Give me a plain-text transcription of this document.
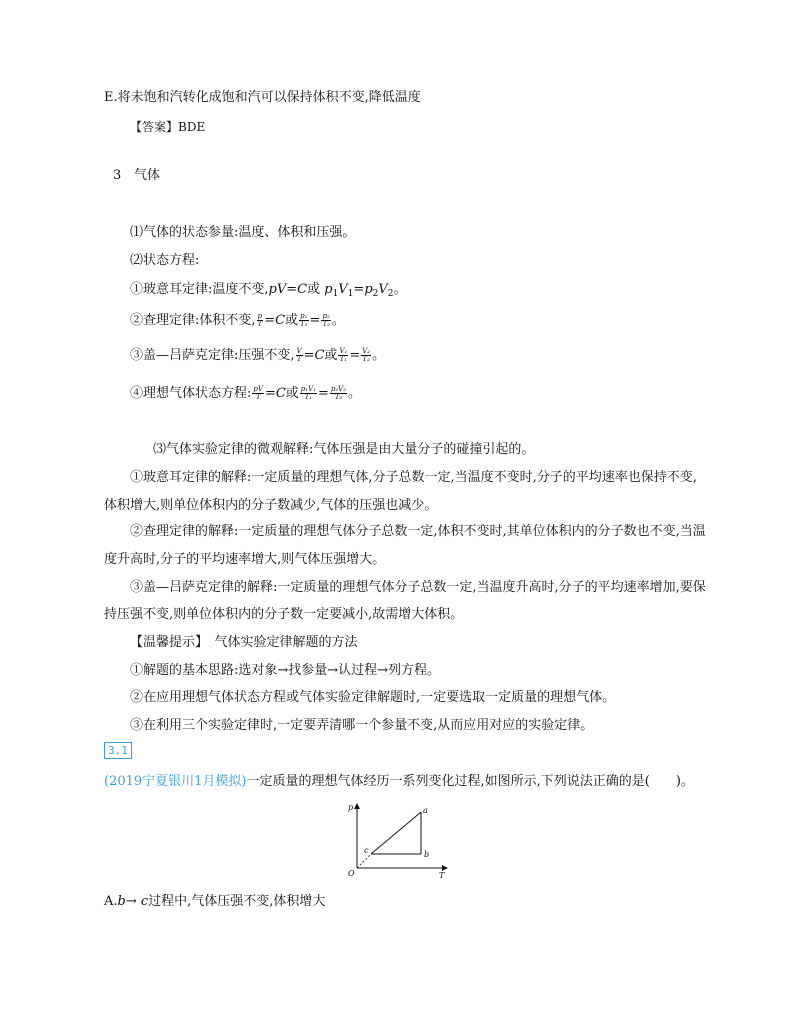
E.将未饱和汽转化成饱和汽可以保持体积不变,降低温度
【答案】BDE
3 气体
⑴气体的状态参量:温度、体积和压强。
⑵状态方程:
①玻意耳定律:温度不变,pV=C或 $p_1V_1=p_2V_2$。
②查理定律:体积不变, $\frac{p}{T} =C$或 $\frac{\text{p₁}}{\text{T₁}} = \frac{\text{p₂}}{\text{T₂}}$ 。
③盖—吕萨克定律:压强不变, $\frac{V}{T} =C$或 $\frac{\text{V₁}}{\text{T₁}} = \frac{\text{V₂}}{\text{T₂}}$ 。
④理想气体状态方程: $\frac{pV}{T} =C$或 $\frac{\text{p₁V₁}}{\text{T₁}} = \frac{\text{p₂V₂}}{\text{T₂}}$ 。
⑶气体实验定律的微观解释:气体压强是由大量分子的碰撞引起的。
①玻意耳定律的解释:一定质量的理想气体,分子总数一定,当温度不变时,分子的平均速率也保持不变,
体积增大,则单位体积内的分子数减少,气体的压强也减少。
②查理定律的解释:一定质量的理想气体分子总数一定,体积不变时,其单位体积内的分子数也不变,当温
度升高时,分子的平均速率增大,则气体压强增大。
③盖—吕萨克定律的解释:一定质量的理想气体分子总数一定,当温度升高时,分子的平均速率增加,要保
持压强不变,则单位体积内的分子数一定要减小,故需增大体积。
【温馨提示】　气体实验定律解题的方法
①解题的基本思路:选对象→找参量→认过程→列方程。
②在应用理想气体状态方程或气体实验定律解题时,一定要选取一定质量的理想气体。
③在利用三个实验定律时,一定要弄清哪一个参量不变,从而应用对应的实验定律。
3.1
(2019宁夏银川1月模拟)一定质量的理想气体经历一系列变化过程,如图所示,下列说法正确的是(　　)。
p
T
O
a
b
c
A.b→ c过程中,气体压强不变,体积增大
